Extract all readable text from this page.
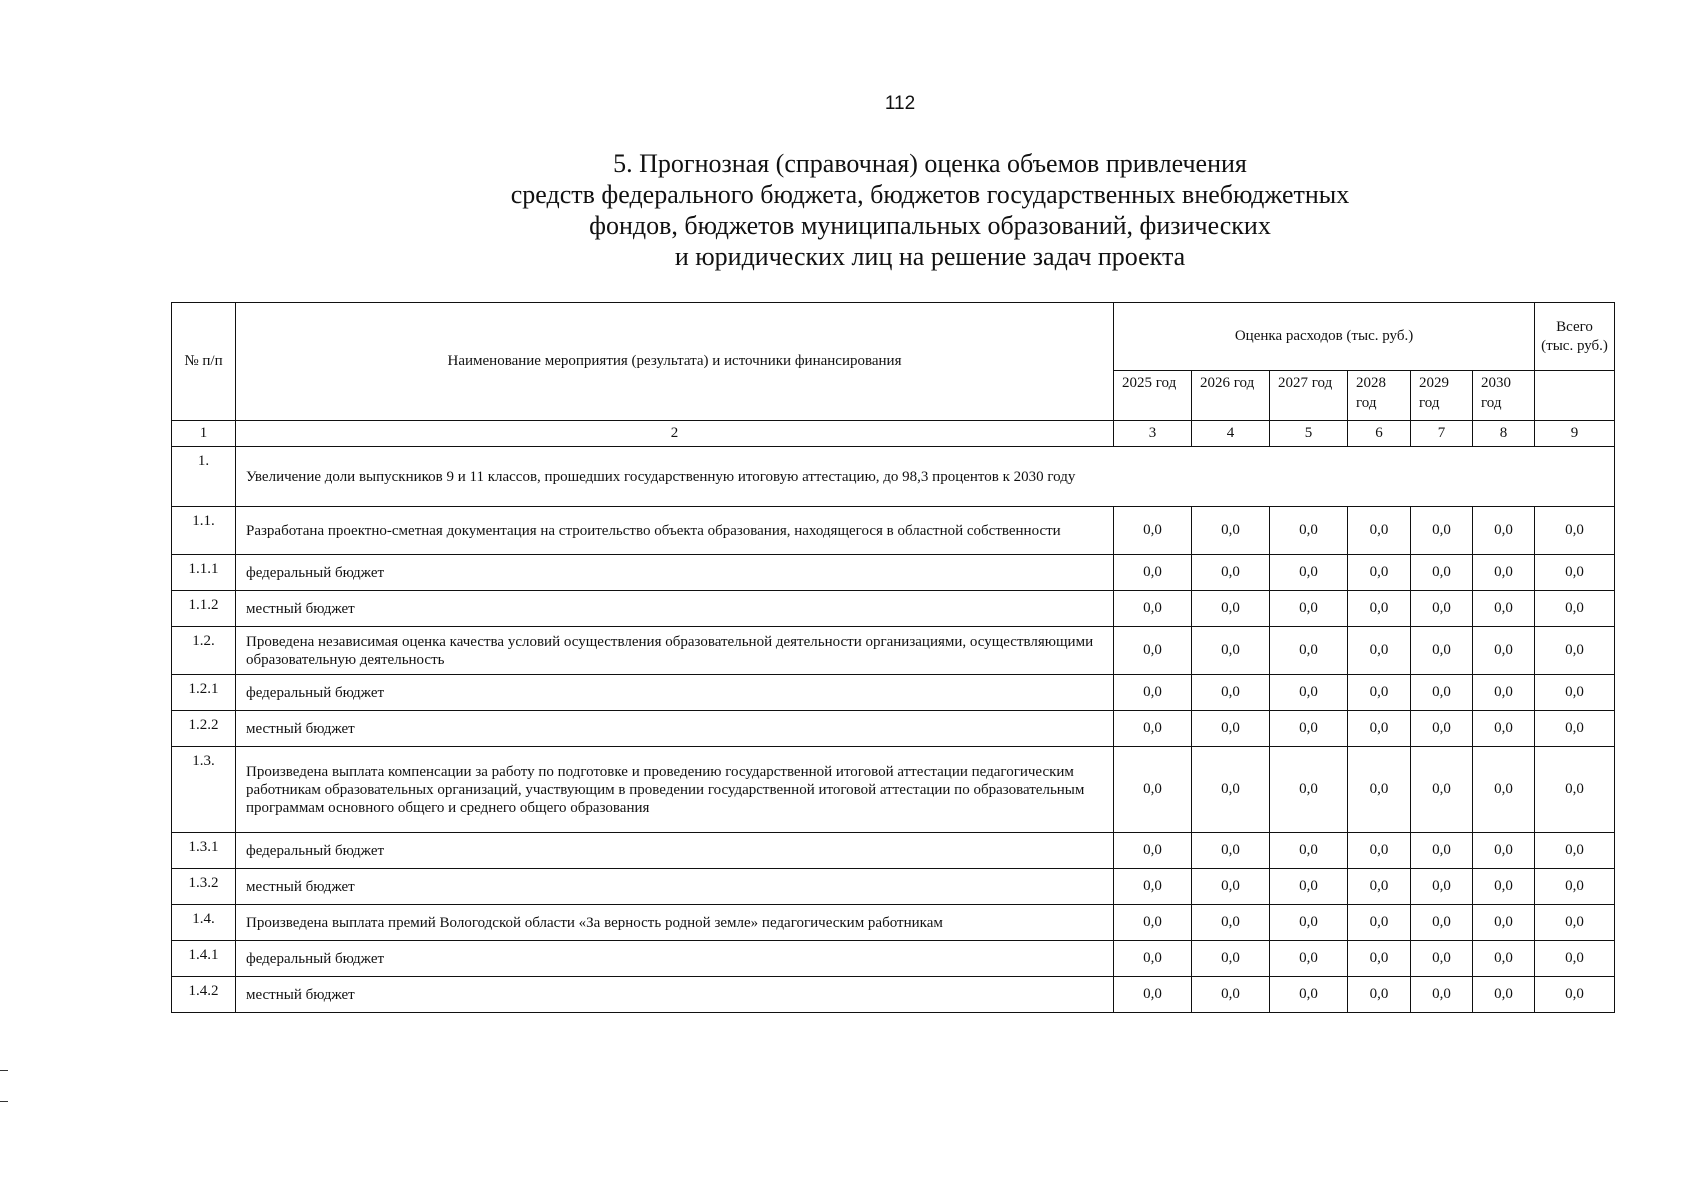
112
5. Прогнозная (справочная) оценка объемов привлечения
средств федерального бюджета, бюджетов государственных внебюджетных
фондов, бюджетов муниципальных образований, физических
и юридических лиц на решение задач проекта
№ п/п	Наименование мероприятия (результата) и источники финансирования	Оценка расходов (тыс. руб.)						Всего (тыс. руб.)
		2025 год	2026 год	2027 год	2028 год	2029 год	2030 год	
1	2	3	4	5	6	7	8	9
1.	Увеличение доли выпускников 9 и 11 классов, прошедших государственную итоговую аттестацию, до 98,3 процентов к 2030 году							
1.1.	Разработана проектно-сметная документация на строительство объекта образования, находящегося в областной собственности	0,0	0,0	0,0	0,0	0,0	0,0	0,0
1.1.1	федеральный бюджет	0,0	0,0	0,0	0,0	0,0	0,0	0,0
1.1.2	местный бюджет	0,0	0,0	0,0	0,0	0,0	0,0	0,0
1.2.	Проведена независимая оценка качества условий осуществления образовательной деятельности организациями, осуществляющими образовательную деятельность	0,0	0,0	0,0	0,0	0,0	0,0	0,0
1.2.1	федеральный бюджет	0,0	0,0	0,0	0,0	0,0	0,0	0,0
1.2.2	местный бюджет	0,0	0,0	0,0	0,0	0,0	0,0	0,0
1.3.	Произведена выплата компенсации за работу по подготовке и проведению государственной итоговой аттестации педагогическим работникам образовательных организаций, участвующим в проведении государственной итоговой аттестации по образовательным программам основного общего и среднего общего образования	0,0	0,0	0,0	0,0	0,0	0,0	0,0
1.3.1	федеральный бюджет	0,0	0,0	0,0	0,0	0,0	0,0	0,0
1.3.2	местный бюджет	0,0	0,0	0,0	0,0	0,0	0,0	0,0
1.4.	Произведена выплата премий Вологодской области «За верность родной земле» педагогическим работникам	0,0	0,0	0,0	0,0	0,0	0,0	0,0
1.4.1	федеральный бюджет	0,0	0,0	0,0	0,0	0,0	0,0	0,0
1.4.2	местный бюджет	0,0	0,0	0,0	0,0	0,0	0,0	0,0
